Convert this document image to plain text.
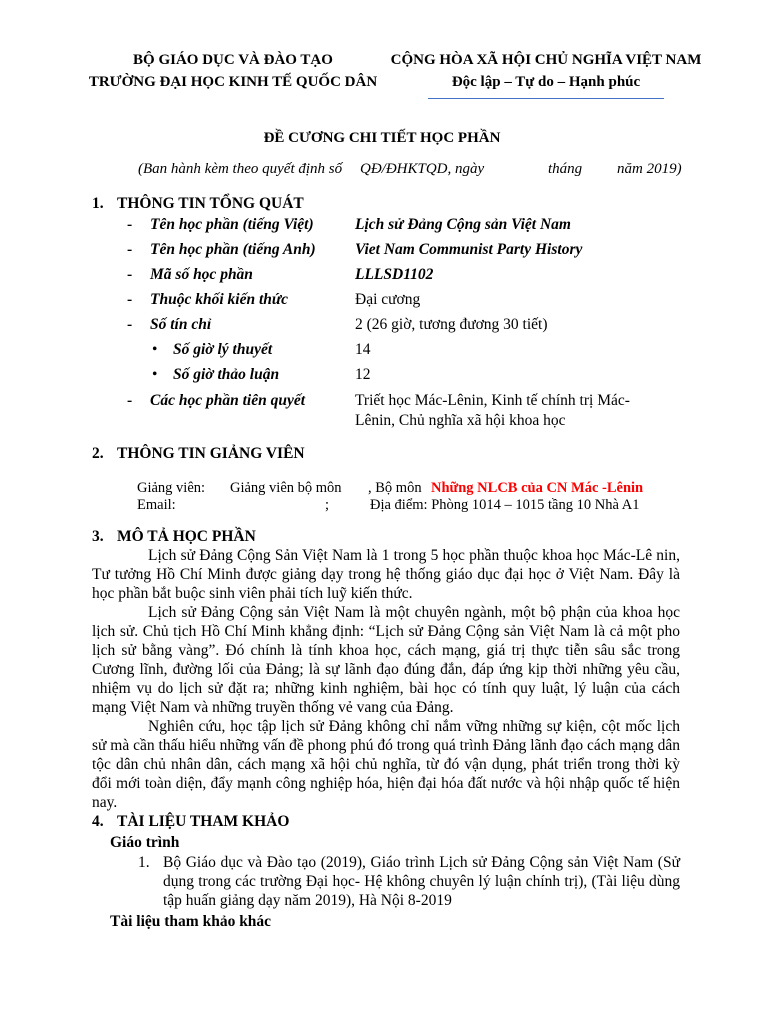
BỘ GIÁO DỤC VÀ ĐÀO TẠO
TRƯỜNG ĐẠI HỌC KINH TẾ QUỐC DÂN
CỘNG HÒA XÃ HỘI CHỦ NGHĨA VIỆT NAM
Độc lập – Tự do – Hạnh phúc
ĐỀ CƯƠNG CHI TIẾT HỌC PHẦN
(Ban hành kèm theo quyết định số QĐ/ĐHKTQD, ngày	tháng năm 2019)
1. THÔNG TIN TỔNG QUÁT
- Tên học phần (tiếng Việt)	Lịch sử Đảng Cộng sản Việt Nam
- Tên học phần (tiếng Anh)	Viet Nam Communist Party History
- Mã số học phần	LLLSD1102
- Thuộc khối kiến thức	Đại cương
- Số tín chỉ	2 (26 giờ, tương đương 30 tiết)
• Số giờ lý thuyết	14
• Số giờ thảo luận	12
- Các học phần tiên quyết	Triết học Mác-Lênin, Kinh tế chính trị Mác-Lênin, Chủ nghĩa xã hội khoa học
2. THÔNG TIN GIẢNG VIÊN
Giảng viên: Giảng viên bộ môn , Bộ môn Những NLCB của CN Mác -Lênin
Email:	;	Địa điểm: Phòng 1014 – 1015 tầng 10 Nhà A1
3. MÔ TẢ HỌC PHẦN

Lịch sử Đảng Cộng Sản Việt Nam là 1 trong 5 học phần thuộc khoa học Mác-Lê nin, Tư tưởng Hồ Chí Minh được giảng dạy trong hệ thống giáo dục đại học ở Việt Nam. Đây là học phần bắt buộc sinh viên phải tích luỹ kiến thức.

Lịch sử Đảng Cộng sản Việt Nam là một chuyên ngành, một bộ phận của khoa học lịch sử. Chủ tịch Hồ Chí Minh khẳng định: “Lịch sử Đảng Cộng sản Việt Nam là cả một pho lịch sử bằng vàng”. Đó chính là tính khoa học, cách mạng, giá trị thực tiễn sâu sắc trong Cương lĩnh, đường lối của Đảng; là sự lãnh đạo đúng đắn, đáp ứng kịp thời những yêu cầu, nhiệm vụ do lịch sử đặt ra; những kinh nghiệm, bài học có tính quy luật, lý luận của cách mạng Việt Nam và những truyền thống vẻ vang của Đảng.

Nghiên cứu, học tập lịch sử Đảng không chỉ nắm vững những sự kiện, cột mốc lịch sử mà cần thấu hiểu những vấn đề phong phú đó trong quá trình Đảng lãnh đạo cách mạng dân tộc dân chủ nhân dân, cách mạng xã hội chủ nghĩa, từ đó vận dụng, phát triển trong thời kỳ đổi mới toàn diện, đẩy mạnh công nghiệp hóa, hiện đại hóa đất nước và hội nhập quốc tế hiện nay.

4. TÀI LIỆU THAM KHẢO
Giáo trình
1. Bộ Giáo dục và Đào tạo (2019), Giáo trình Lịch sử Đảng Cộng sản Việt Nam (Sử dụng trong các trường Đại học- Hệ không chuyên lý luận chính trị), (Tài liệu dùng tập huấn giảng dạy năm 2019), Hà Nội 8-2019
Tài liệu tham khảo khác
